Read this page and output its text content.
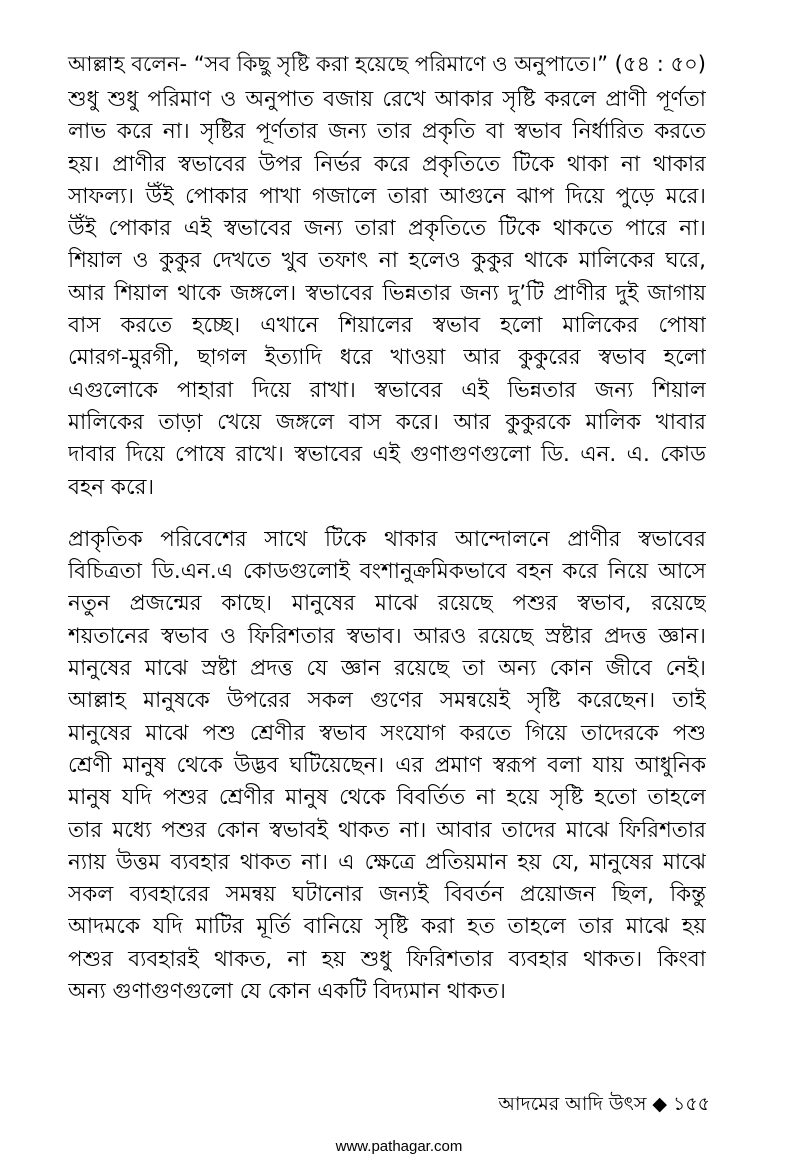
আল্লাহ বলেন- “সব কিছু সৃষ্টি করা হয়েছে পরিমাণে ও অনুপাতে।” (৫৪ : ৫০)

শুধু শুধু পরিমাণ ও অনুপাত বজায় রেখে আকার সৃষ্টি করলে প্রাণী পূর্ণতা
লাভ করে না। সৃষ্টির পূর্ণতার জন্য তার প্রকৃতি বা স্বভাব নির্ধারিত করতে
হয়। প্রাণীর স্বভাবের উপর নির্ভর করে প্রকৃতিতে টিকে থাকা না থাকার
সাফল্য। উঁই পোকার পাখা গজালে তারা আগুনে ঝাপ দিয়ে পুড়ে মরে।
উঁই পোকার এই স্বভাবের জন্য তারা প্রকৃতিতে টিকে থাকতে পারে না।
শিয়াল ও কুকুর দেখতে খুব তফাৎ না হলেও কুকুর থাকে মালিকের ঘরে,
আর শিয়াল থাকে জঙ্গলে। স্বভাবের ভিন্নতার জন্য দু’টি প্রাণীর দুই জাগায়
বাস করতে হচ্ছে। এখানে শিয়ালের স্বভাব হলো মালিকের পোষা
মোরগ-মুরগী, ছাগল ইত্যাদি ধরে খাওয়া আর কুকুরের স্বভাব হলো
এগুলোকে পাহারা দিয়ে রাখা। স্বভাবের এই ভিন্নতার জন্য শিয়াল
মালিকের তাড়া খেয়ে জঙ্গলে বাস করে। আর কুকুরকে মালিক খাবার
দাবার দিয়ে পোষে রাখে। স্বভাবের এই গুণাগুণগুলো ডি. এন. এ. কোড
বহন করে।

প্রাকৃতিক পরিবেশের সাথে টিকে থাকার আন্দোলনে প্রাণীর স্বভাবের
বিচিত্রতা ডি.এন.এ কোডগুলোই বংশানুক্রমিকভাবে বহন করে নিয়ে আসে
নতুন প্রজন্মের কাছে। মানুষের মাঝে রয়েছে পশুর স্বভাব, রয়েছে
শয়তানের স্বভাব ও ফিরিশতার স্বভাব। আরও রয়েছে স্রষ্টার প্রদত্ত জ্ঞান।
মানুষের মাঝে স্রষ্টা প্রদত্ত যে জ্ঞান রয়েছে তা অন্য কোন জীবে নেই।
আল্লাহ মানুষকে উপরের সকল গুণের সমন্বয়েই সৃষ্টি করেছেন। তাই
মানুষের মাঝে পশু শ্রেণীর স্বভাব সংযোগ করতে গিয়ে তাদেরকে পশু
শ্রেণী মানুষ থেকে উদ্ভব ঘটিয়েছেন। এর প্রমাণ স্বরূপ বলা যায় আধুনিক
মানুষ যদি পশুর শ্রেণীর মানুষ থেকে বিবর্তিত না হয়ে সৃষ্টি হতো তাহলে
তার মধ্যে পশুর কোন স্বভাবই থাকত না। আবার তাদের মাঝে ফিরিশতার
ন্যায় উত্তম ব্যবহার থাকত না। এ ক্ষেত্রে প্রতিয়মান হয় যে, মানুষের মাঝে
সকল ব্যবহারের সমন্বয় ঘটানোর জন্যই বিবর্তন প্রয়োজন ছিল, কিন্তু
আদমকে যদি মাটির মূর্তি বানিয়ে সৃষ্টি করা হত তাহলে তার মাঝে হয়
পশুর ব্যবহারই থাকত, না হয় শুধু ফিরিশতার ব্যবহার থাকত। কিংবা
অন্য গুণাগুণগুলো যে কোন একটি বিদ্যমান থাকত।

আদমের আদি উৎস ◆ ১৫৫
www.pathagar.com
